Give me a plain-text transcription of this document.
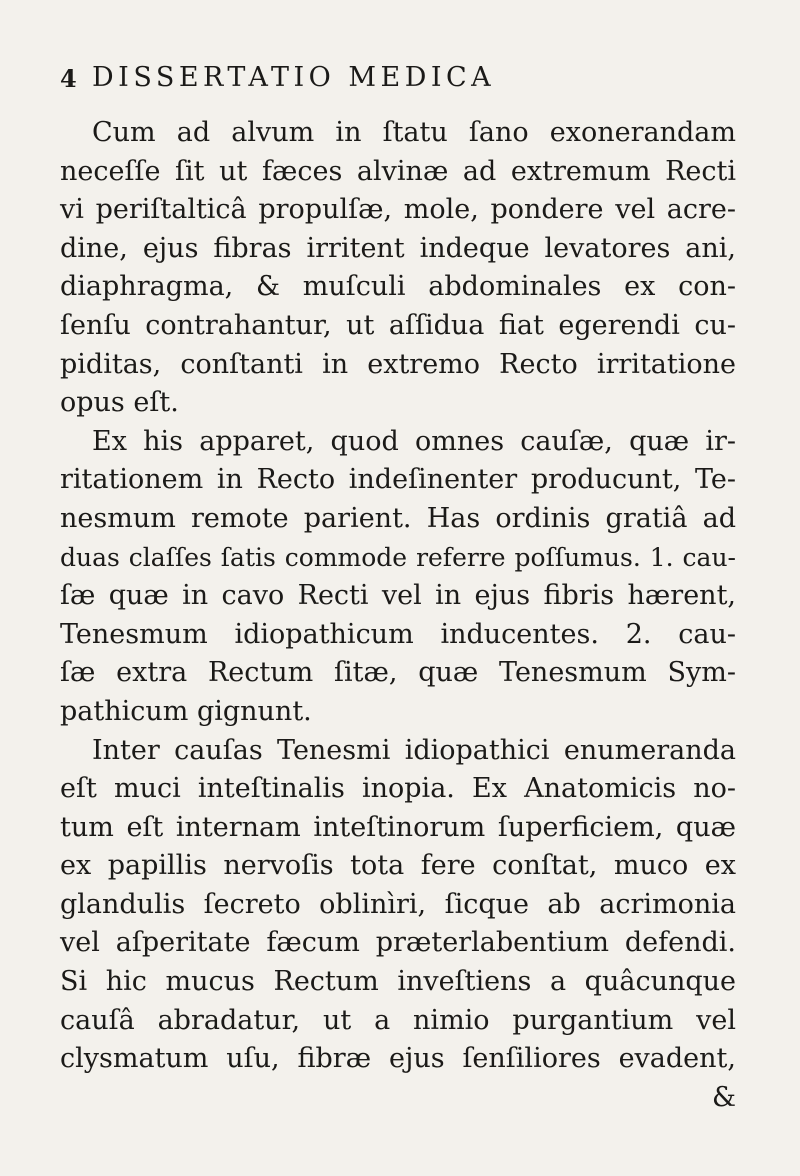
4 DISSERTATIO MEDICA
Cum ad alvum in ſtatu ſano exonerandam
neceſſe ſit ut fæces alvinæ ad extremum Recti
vi periſtalticâ propulſæ, mole, pondere vel acre-
dine, ejus fibras irritent indeque levatores ani,
diaphragma, & muſculi abdominales ex con-
ſenſu contrahantur, ut aſſidua fiat egerendi cu-
piditas, conſtanti in extremo Recto irritatione
opus eſt.
Ex his apparet, quod omnes cauſæ, quæ ir-
ritationem in Recto indeſinenter producunt, Te-
nesmum remote parient. Has ordinis gratiâ ad
duas claſſes ſatis commode referre poſſumus. 1. cau-
ſæ quæ in cavo Recti vel in ejus fibris hærent,
Tenesmum idiopathicum inducentes. 2. cau-
ſæ extra Rectum ſitæ, quæ Tenesmum Sym-
pathicum gignunt.
Inter cauſas Tenesmi idiopathici enumeranda
eſt muci inteſtinalis inopia. Ex Anatomicis no-
tum eſt internam inteſtinorum ſuperficiem, quæ
ex papillis nervoſis tota fere conſtat, muco ex
glandulis ſecreto oblinìri, ſicque ab acrimonia
vel aſperitate fæcum præterlabentium defendi.
Si hic mucus Rectum inveſtiens a quâcunque
cauſâ abradatur, ut a nimio purgantium vel
clysmatum uſu, fibræ ejus ſenſiliores evadent,
&
